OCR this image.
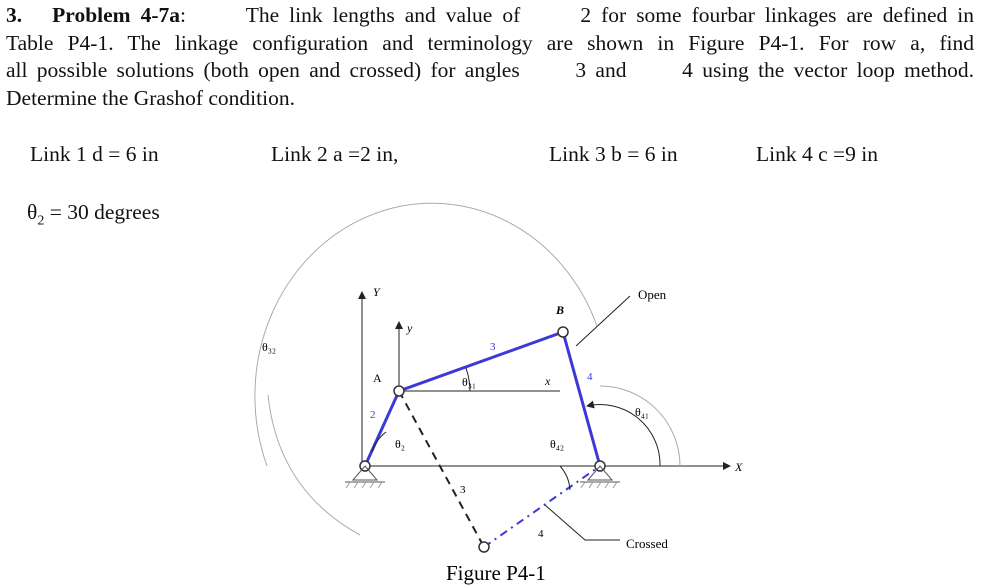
3. Problem 4-7a:	The link lengths and value of	2 for some fourbar linkages are defined in
Table P4-1. The linkage configuration and terminology are shown in Figure P4-1. For row a, find
all possible solutions (both open and crossed) for angles	3 and	4 using the vector loop method.
Determine the Grashof condition.
Link 1 d = 6 in	Link 2 a =2 in,	Link 3 b = 6 in	Link 4 c =9 in
$\theta_2 = 30$ degrees
Y
y
X
x
A
B
Open
Crossed
2
3
4
3
4
θ₂
θ₃₁
θ₃₂
θ₄₁
θ₄₂
Figure P4-1
